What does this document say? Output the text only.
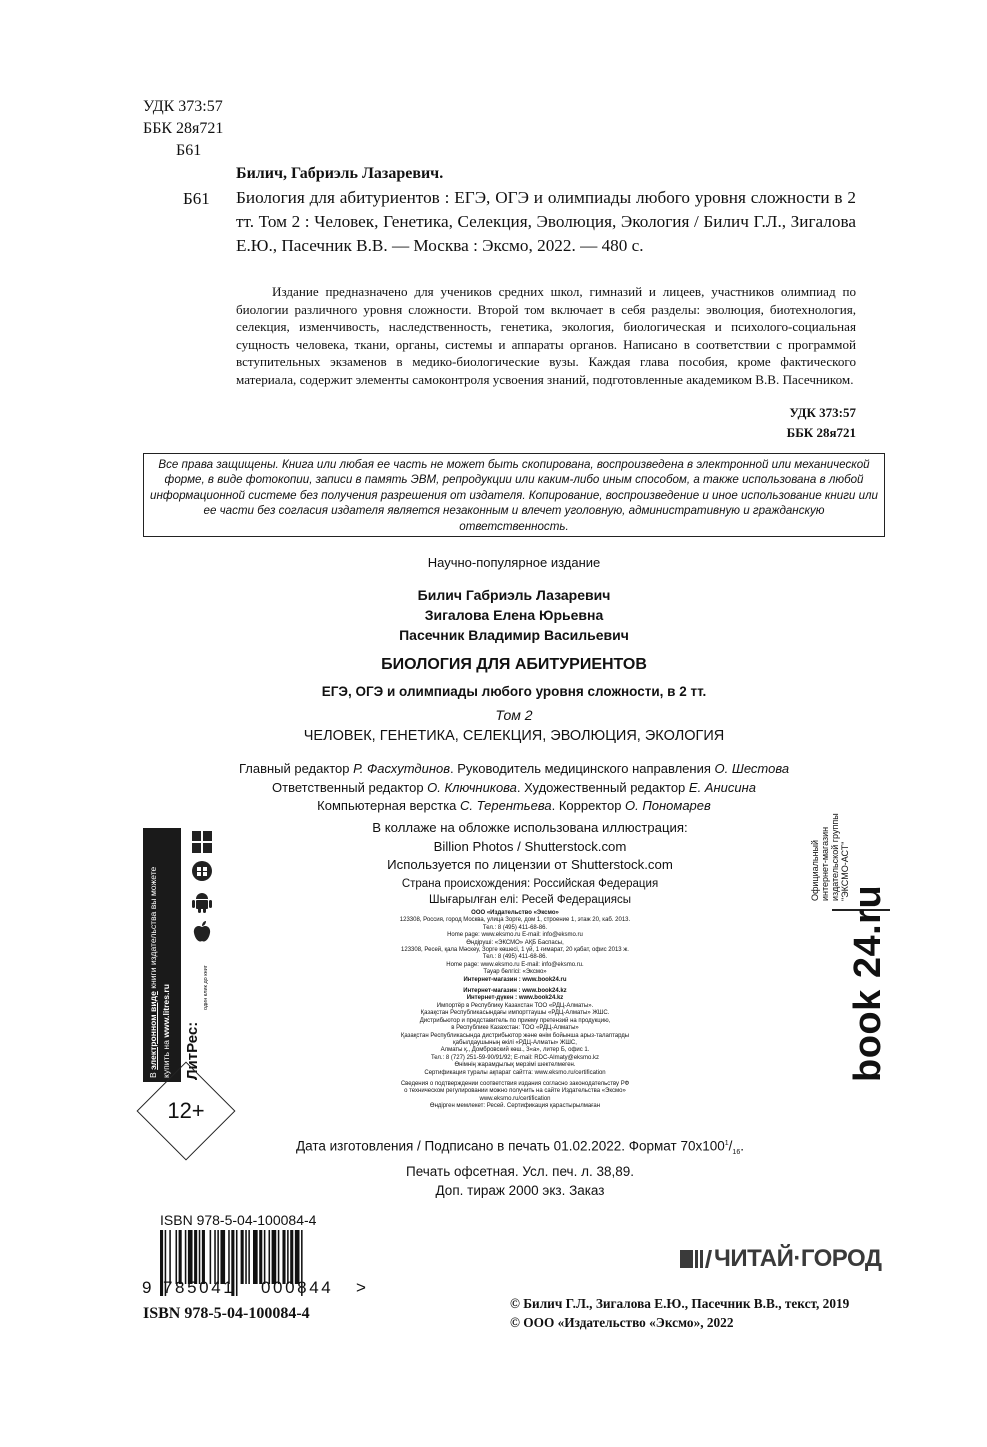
УДК 373:57
ББК 28я721
Б61
Билич, Габриэль Лазаревич.
Б61 Биология для абитуриентов : ЕГЭ, ОГЭ и олимпиады любого уровня сложности в 2 тт. Том 2 : Человек, Генетика, Селекция, Эволюция, Экология / Билич Г.Л., Зигалова Е.Ю., Пасечник В.В. — Москва : Эксмо, 2022. — 480 с.
Издание предназначено для учеников средних школ, гимназий и лицеев, участников олимпиад по биологии различного уровня сложности. Второй том включает в себя разделы: эволюция, биотехнология, селекция, изменчивость, наследственность, генетика, экология, биологическая и психолого-социальная сущность человека, ткани, органы, системы и аппараты органов. Написано в соответствии с программой вступительных экзаменов в медико-биологические вузы. Каждая глава пособия, кроме фактического материала, содержит элементы самоконтроля усвоения знаний, подготовленные академиком В.В. Пасечником.
УДК 373:57
ББК 28я721
Все права защищены. Книга или любая ее часть не может быть скопирована, воспроизведена в электронной или механической форме, в виде фотокопии, записи в память ЭВМ, репродукции или каким-либо иным способом, а также использована в любой информационной системе без получения разрешения от издателя. Копирование, воспроизведение и иное использование книги или ее части без согласия издателя является незаконным и влечет уголовную, административную и гражданскую ответственность.
Научно-популярное издание
Билич Габриэль Лазаревич
Зигалова Елена Юрьевна
Пасечник Владимир Васильевич
БИОЛОГИЯ ДЛЯ АБИТУРИЕНТОВ
ЕГЭ, ОГЭ и олимпиады любого уровня сложности, в 2 тт.
Том 2
ЧЕЛОВЕК, ГЕНЕТИКА, СЕЛЕКЦИЯ, ЭВОЛЮЦИЯ, ЭКОЛОГИЯ
Главный редактор Р. Фасхутдинов. Руководитель медицинского направления О. Шестова
Ответственный редактор О. Ключникова. Художественный редактор Е. Анисина
Компьютерная верстка С. Терентьева. Корректор О. Пономарев
В коллаже на обложке использована иллюстрация:
Billion Photos / Shutterstock.com
Используется по лицензии от Shutterstock.com
Страна происхождения: Российская Федерация
Шығарылған елі: Ресей Федерациясы
ООО «Издательство «Эксмо»
123308, Россия, город Москва, улица Зорге, дом 1, строение 1, этаж 20, каб. 2013.
Тел.: 8 (495) 411-68-86.
Home page: www.eksmo.ru E-mail: info@eksmo.ru
Өндіруші: «ЭКСМО» АҚБ Баспасы,
123308, Ресей, қала Мәскеу, Зорге көшесі, 1 үй, 1 ғимарат, 20 қабат, офис 2013 ж.
Тел.: 8 (495) 411-68-86.
Home page: www.eksmo.ru E-mail: info@eksmo.ru.
Тауар белгісі: «Эксмо»
Интернет-магазин : www.book24.ru
Интернет-магазин : www.book24.kz
Интернет-дүкен : www.book24.kz
Импортёр в Республику Казахстан ТОО «РДЦ-Алматы».
Қазақстан Республикасындағы импорттаушы «РДЦ-Алматы» ЖШС.
Дистрибьютор и представитель по приему претензий на продукцию,
в Республике Казахстан: ТОО «РДЦ-Алматы»
Қазақстан Республикасында дистрибьютор және өнім бойынша арыз-талаптарды
қабылдаушының өкілі «РДЦ-Алматы» ЖШС,
Алматы қ., Домбровский көш., 3«а», литер Б, офис 1.
Тел.: 8 (727) 251-59-90/91/92; E-mail: RDC-Almaty@eksmo.kz
Өнімнің жарамдылық мерзімі шектелмеген.
Сертификация туралы ақпарат сайтта: www.eksmo.ru/certification
Сведения о подтверждении соответствия издания согласно законодательству РФ
о техническом регулировании можно получить на сайте Издательства «Эксмо»
www.eksmo.ru/certification
Өндірген мемлекет: Ресей. Сертификация қарастырылмаған
Дата изготовления / Подписано в печать 01.02.2022. Формат $70x100^1/_{16}$.
Печать офсетная. Усл. печ. л. 38,89.
Доп. тираж 2000 экз. Заказ
В электронном виде книги издательства вы можете
купить на www.litres.ru
ЛитРес:
один клик до книг
Официальный интернет-магазин издательской группы "ЭКСМО-АСТ"
book 24.ru
12+
ISBN 978-5-04-100084-4
9 785041 000844 >
ISBN 978-5-04-100084-4
ЧИТАЙ·ГОРОД
© Билич Г.Л., Зигалова Е.Ю., Пасечник В.В., текст, 2019
© ООО «Издательство «Эксмо», 2022
